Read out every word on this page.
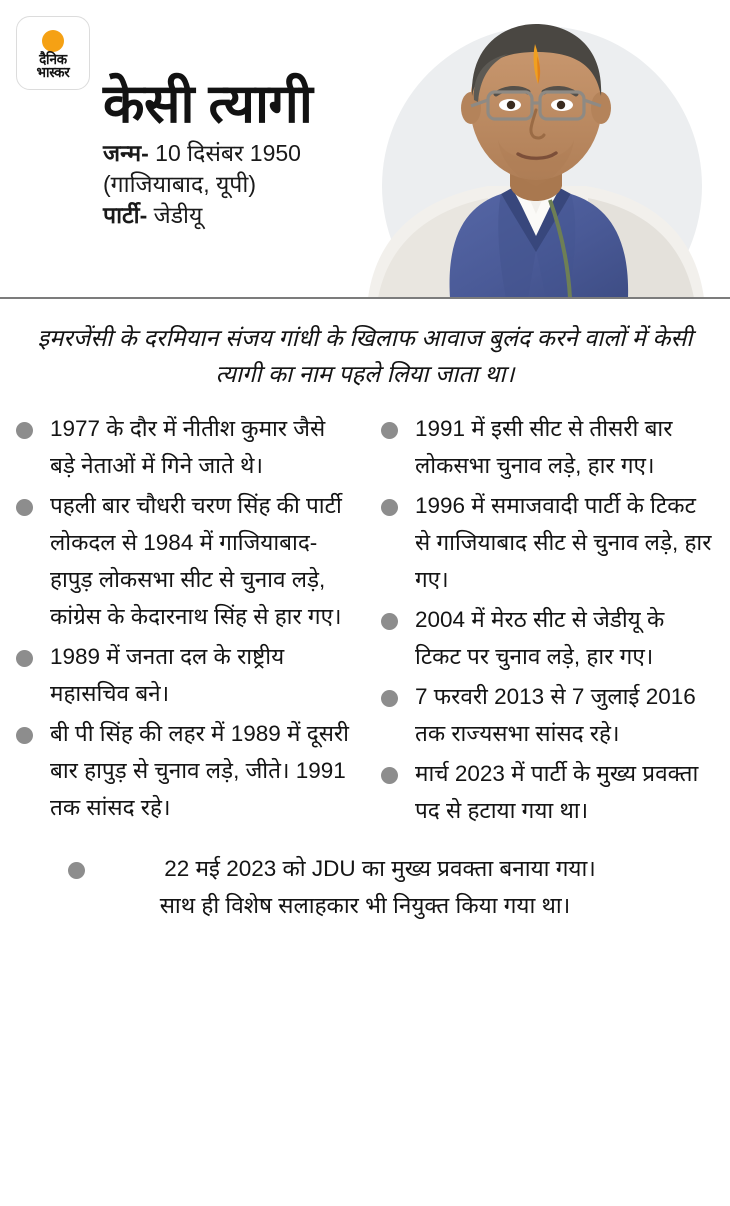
दैनिक
भास्कर
केसी त्यागी
जन्म- 10 दिसंबर 1950
(गाजियाबाद, यूपी)
पार्टी- जेडीयू
इमरजेंसी के दरमियान संजय गांधी के खिलाफ आवाज बुलंद करने वालों में केसी त्यागी का नाम पहले लिया जाता था।
1977 के दौर में नीतीश कुमार जैसे बड़े नेताओं में गिने जाते थे।
पहली बार चौधरी चरण सिंह की पार्टी लोकदल से 1984 में गाजियाबाद-हापुड़ लोकसभा सीट से चुनाव लड़े, कांग्रेस के केदारनाथ सिंह से हार गए।
1989 में जनता दल के राष्ट्रीय महासचिव बने।
बी पी सिंह की लहर में 1989 में दूसरी बार हापुड़ से चुनाव लड़े, जीते। 1991 तक सांसद रहे।
1991 में इसी सीट से तीसरी बार लोकसभा चुनाव लड़े, हार गए।
1996 में समाजवादी पार्टी के टिकट से गाजियाबाद सीट से चुनाव लड़े, हार गए।
2004 में मेरठ सीट से जेडीयू के टिकट पर चुनाव लड़े, हार गए।
7 फरवरी 2013 से 7 जुलाई 2016 तक राज्यसभा सांसद रहे।
मार्च 2023 में पार्टी के मुख्य प्रवक्ता पद से हटाया गया था।
22 मई 2023 को JDU का मुख्य प्रवक्ता बनाया गया।
साथ ही विशेष सलाहकार भी नियुक्त किया गया था।
